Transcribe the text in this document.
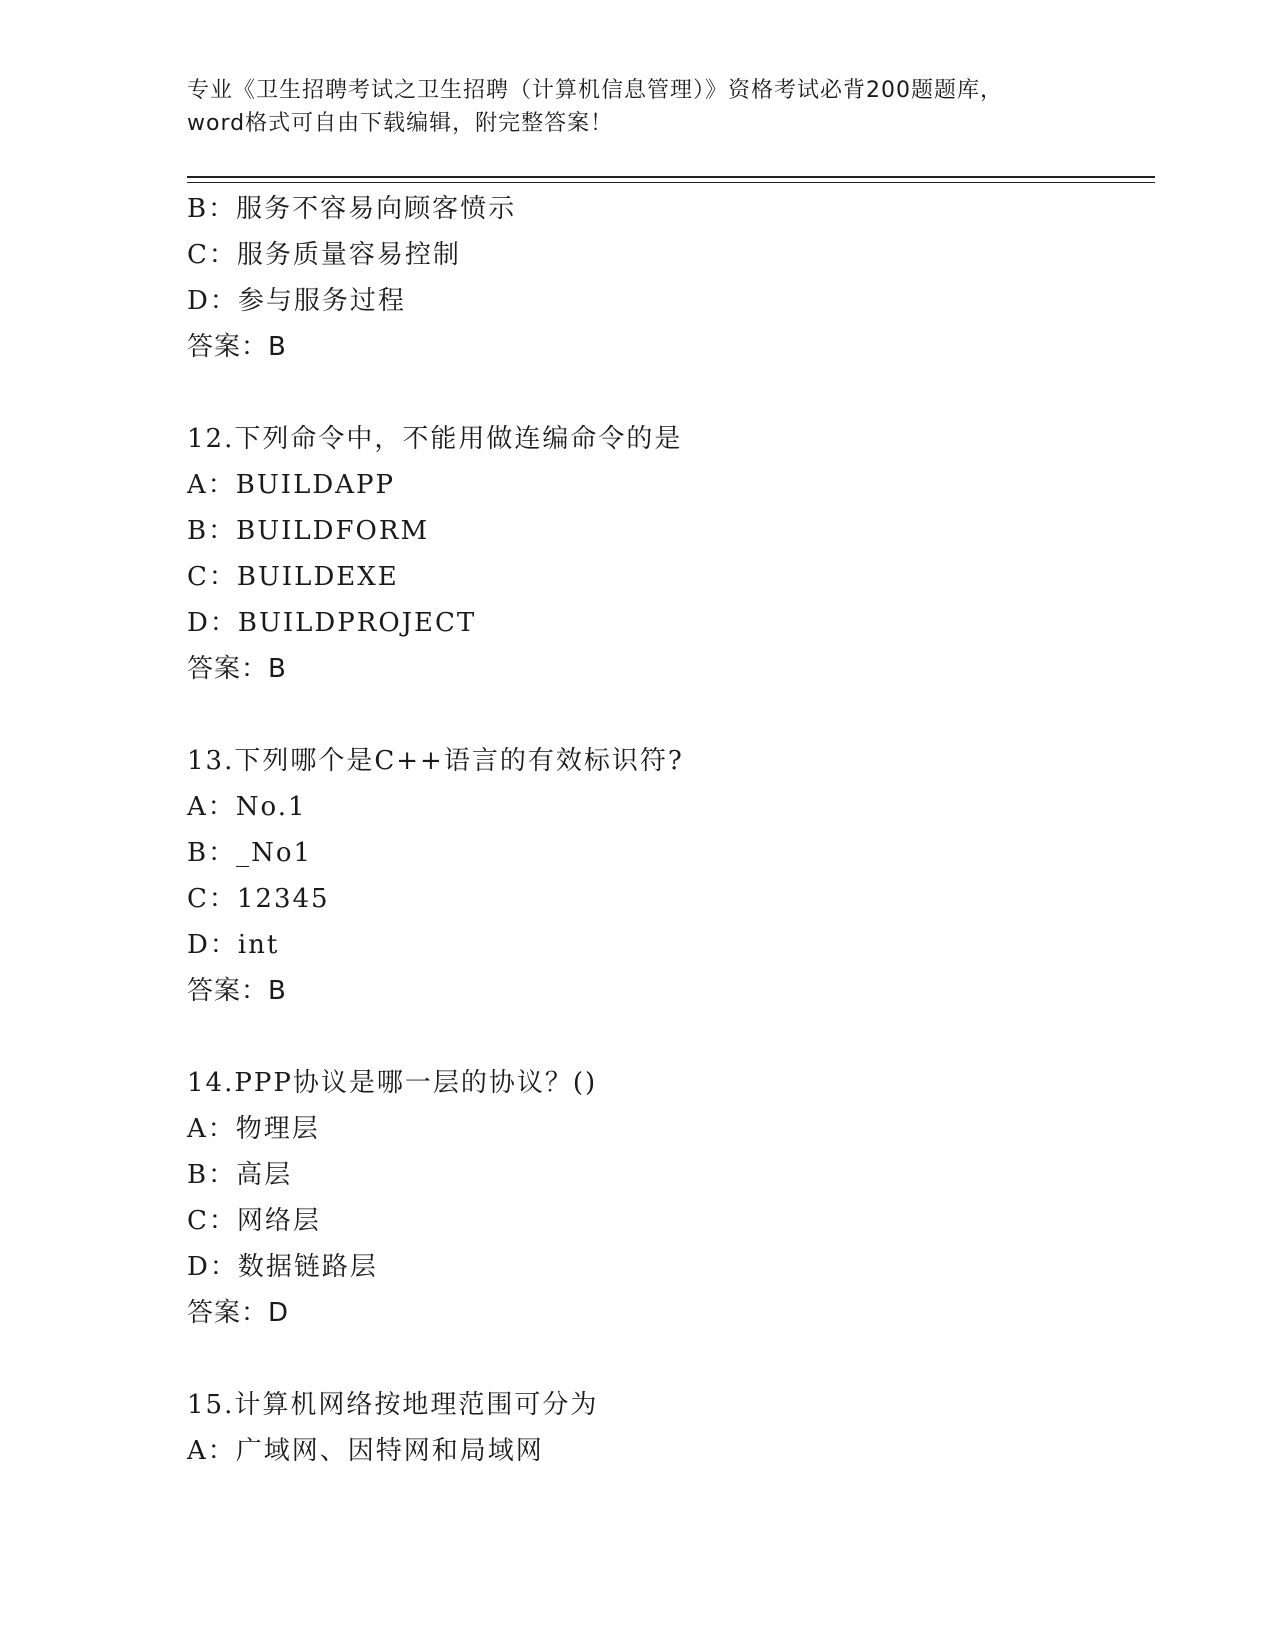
专业《卫生招聘考试之卫生招聘（计算机信息管理）》资格考试必背200题题库，
word格式可自由下载编辑，附完整答案！
B：服务不容易向顾客愤示
C：服务质量容易控制
D：参与服务过程
答案：B
12.下列命令中，不能用做连编命令的是
A：BUILDAPP
B：BUILDFORM
C：BUILDEXE
D：BUILDPROJECT
答案：B
13.下列哪个是C++语言的有效标识符?
A：No.1
B：_No1
C：12345
D：int
答案：B
14.PPP协议是哪一层的协议？()
A：物理层
B：高层
C：网络层
D：数据链路层
答案：D
15.计算机网络按地理范围可分为
A：广域网、因特网和局域网
